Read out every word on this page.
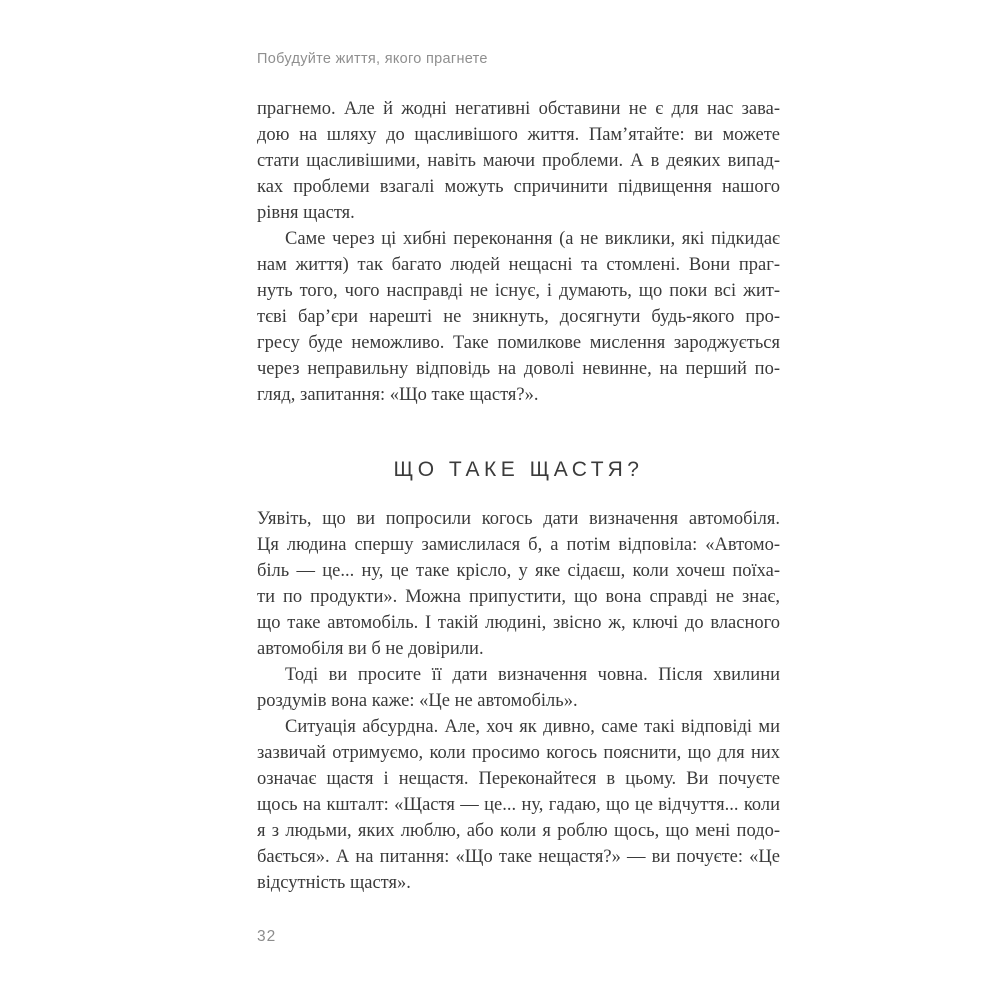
Побудуйте життя, якого прагнете
прагнемо. Але й жодні негативні обставини не є для нас зава-
дою на шляху до щасливішого життя. Пам’ятайте: ви можете
стати щасливішими, навіть маючи проблеми. А в деяких випад-
ках проблеми взагалі можуть спричинити підвищення нашого
рівня щастя.
Саме через ці хибні переконання (а не виклики, які підкидає
нам життя) так багато людей нещасні та стомлені. Вони праг-
нуть того, чого насправді не існує, і думають, що поки всі жит-
тєві бар’єри нарешті не зникнуть, досягнути будь-якого про-
гресу буде неможливо. Таке помилкове мислення зароджується
через неправильну відповідь на доволі невинне, на перший по-
гляд, запитання: «Що таке щастя?».
ЩО ТАКЕ ЩАСТЯ?
Уявіть, що ви попросили когось дати визначення автомобіля.
Ця людина спершу замислилася б, а потім відповіла: «Автомо-
біль — це... ну, це таке крісло, у яке сідаєш, коли хочеш поїха-
ти по продукти». Можна припустити, що вона справді не знає,
що таке автомобіль. І такій людині, звісно ж, ключі до власного
автомобіля ви б не довірили.
Тоді ви просите її дати визначення човна. Після хвилини
роздумів вона каже: «Це не автомобіль».
Ситуація абсурдна. Але, хоч як дивно, саме такі відповіді ми
зазвичай отримуємо, коли просимо когось пояснити, що для них
означає щастя і нещастя. Переконайтеся в цьому. Ви почуєте
щось на кшталт: «Щастя — це... ну, гадаю, що це відчуття... коли
я з людьми, яких люблю, або коли я роблю щось, що мені подо-
бається». А на питання: «Що таке нещастя?» — ви почуєте: «Це
відсутність щастя».
32
